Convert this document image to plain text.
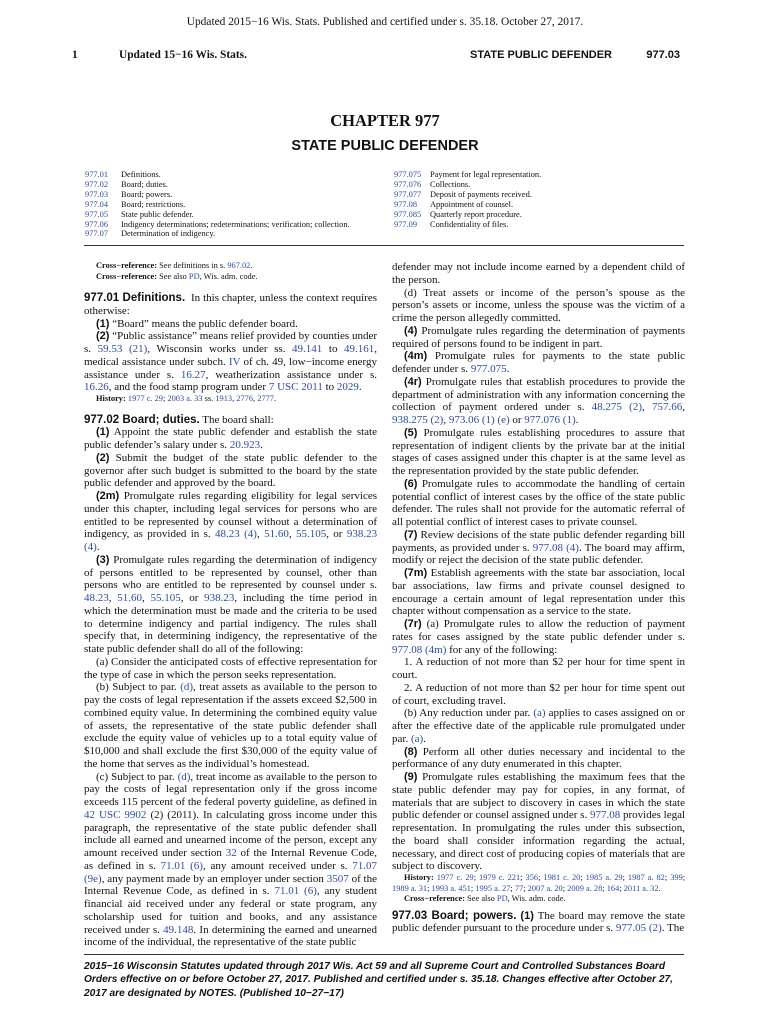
Updated 2015−16 Wis. Stats. Published and certified under s. 35.18. October 27, 2017.
1	Updated 15−16 Wis. Stats.	STATE PUBLIC DEFENDER	977.03
CHAPTER 977
STATE PUBLIC DEFENDER
977.01 Definitions.
977.02 Board; duties.
977.03 Board; powers.
977.04 Board; restrictions.
977.05 State public defender.
977.06 Indigency determinations; redeterminations; verification; collection.
977.07 Determination of indigency.
977.075 Payment for legal representation.
977.076 Collections.
977.077 Deposit of payments received.
977.08 Appointment of counsel.
977.085 Quarterly report procedure.
977.09 Confidentiality of files.

Cross−reference: See definitions in s. 967.02.

Cross−reference: See also PD, Wis. adm. code.

977.01 Definitions. In this chapter, unless the context requires otherwise:

(1) “Board” means the public defender board.

(2) “Public assistance” means relief provided by counties under s. 59.53 (21), Wisconsin works under ss. 49.141 to 49.161, medical assistance under subch. IV of ch. 49, low−income energy assistance under s. 16.27, weatherization assistance under s. 16.26, and the food stamp program under 7 USC 2011 to 2029.

History: 1977 c. 29; 2003 a. 33 ss. 1913, 2776, 2777.

977.02 Board; duties. The board shall:

(1) Appoint the state public defender and establish the state public defender’s salary under s. 20.923.

(2) Submit the budget of the state public defender to the governor after such budget is submitted to the board by the state public defender and approved by the board.

(2m) Promulgate rules regarding eligibility for legal services under this chapter, including legal services for persons who are entitled to be represented by counsel without a determination of indigency, as provided in s. 48.23 (4), 51.60, 55.105, or 938.23 (4).

(3) Promulgate rules regarding the determination of indigency of persons entitled to be represented by counsel, other than persons who are entitled to be represented by counsel under s. 48.23, 51.60, 55.105, or 938.23, including the time period in which the determination must be made and the criteria to be used to determine indigency and partial indigency. The rules shall specify that, in determining indigency, the representative of the state public defender shall do all of the following:

(a) Consider the anticipated costs of effective representation for the type of case in which the person seeks representation.

(b) Subject to par. (d), treat assets as available to the person to pay the costs of legal representation if the assets exceed $2,500 in combined equity value. In determining the combined equity value of assets, the representative of the state public defender shall exclude the equity value of vehicles up to a total equity value of $10,000 and shall exclude the first $30,000 of the equity value of the home that serves as the individual’s homestead.

(c) Subject to par. (d), treat income as available to the person to pay the costs of legal representation only if the gross income exceeds 115 percent of the federal poverty guideline, as defined in 42 USC 9902 (2) (2011). In calculating gross income under this paragraph, the representative of the state public defender shall include all earned and unearned income of the person, except any amount received under section 32 of the Internal Revenue Code, as defined in s. 71.01 (6), any amount received under s. 71.07 (9e), any payment made by an employer under section 3507 of the Internal Revenue Code, as defined in s. 71.01 (6), any student financial aid received under any federal or state program, any scholarship used for tuition and books, and any assistance received under s. 49.148. In determining the earned and unearned income of the individual, the representative of the state public

defender may not include income earned by a dependent child of the person.

(d) Treat assets or income of the person’s spouse as the person’s assets or income, unless the spouse was the victim of a crime the person allegedly committed.

(4) Promulgate rules regarding the determination of payments required of persons found to be indigent in part.

(4m) Promulgate rules for payments to the state public defender under s. 977.075.

(4r) Promulgate rules that establish procedures to provide the department of administration with any information concerning the collection of payment ordered under s. 48.275 (2), 757.66, 938.275 (2), 973.06 (1) (e) or 977.076 (1).

(5) Promulgate rules establishing procedures to assure that representation of indigent clients by the private bar at the initial stages of cases assigned under this chapter is at the same level as the representation provided by the state public defender.

(6) Promulgate rules to accommodate the handling of certain potential conflict of interest cases by the office of the state public defender. The rules shall not provide for the automatic referral of all potential conflict of interest cases to private counsel.

(7) Review decisions of the state public defender regarding bill payments, as provided under s. 977.08 (4). The board may affirm, modify or reject the decision of the state public defender.

(7m) Establish agreements with the state bar association, local bar associations, law firms and private counsel designed to encourage a certain amount of legal representation under this chapter without compensation as a service to the state.

(7r) (a) Promulgate rules to allow the reduction of payment rates for cases assigned by the state public defender under s. 977.08 (4m) for any of the following:

1. A reduction of not more than $2 per hour for time spent in court.

2. A reduction of not more than $2 per hour for time spent out of court, excluding travel.

(b) Any reduction under par. (a) applies to cases assigned on or after the effective date of the applicable rule promulgated under par. (a).

(8) Perform all other duties necessary and incidental to the performance of any duty enumerated in this chapter.

(9) Promulgate rules establishing the maximum fees that the state public defender may pay for copies, in any format, of materials that are subject to discovery in cases in which the state public defender or counsel assigned under s. 977.08 provides legal representation. In promulgating the rules under this subsection, the board shall consider information regarding the actual, necessary, and direct cost of producing copies of materials that are subject to discovery.

History: 1977 c. 29; 1979 c. 221; 356; 1981 c. 20; 1985 a. 29; 1987 a. 82; 399; 1989 a. 31; 1993 a. 451; 1995 a. 27; 77; 2007 a. 20; 2009 a. 28; 164; 2011 a. 32.

Cross−reference: See also PD, Wis. adm. code.

977.03 Board; powers. (1) The board may remove the state public defender pursuant to the procedure under s. 977.05 (2). The

2015−16 Wisconsin Statutes updated through 2017 Wis. Act 59 and all Supreme Court and Controlled Substances Board Orders effective on or before October 27, 2017. Published and certified under s. 35.18. Changes effective after October 27, 2017 are designated by NOTES. (Published 10−27−17)
